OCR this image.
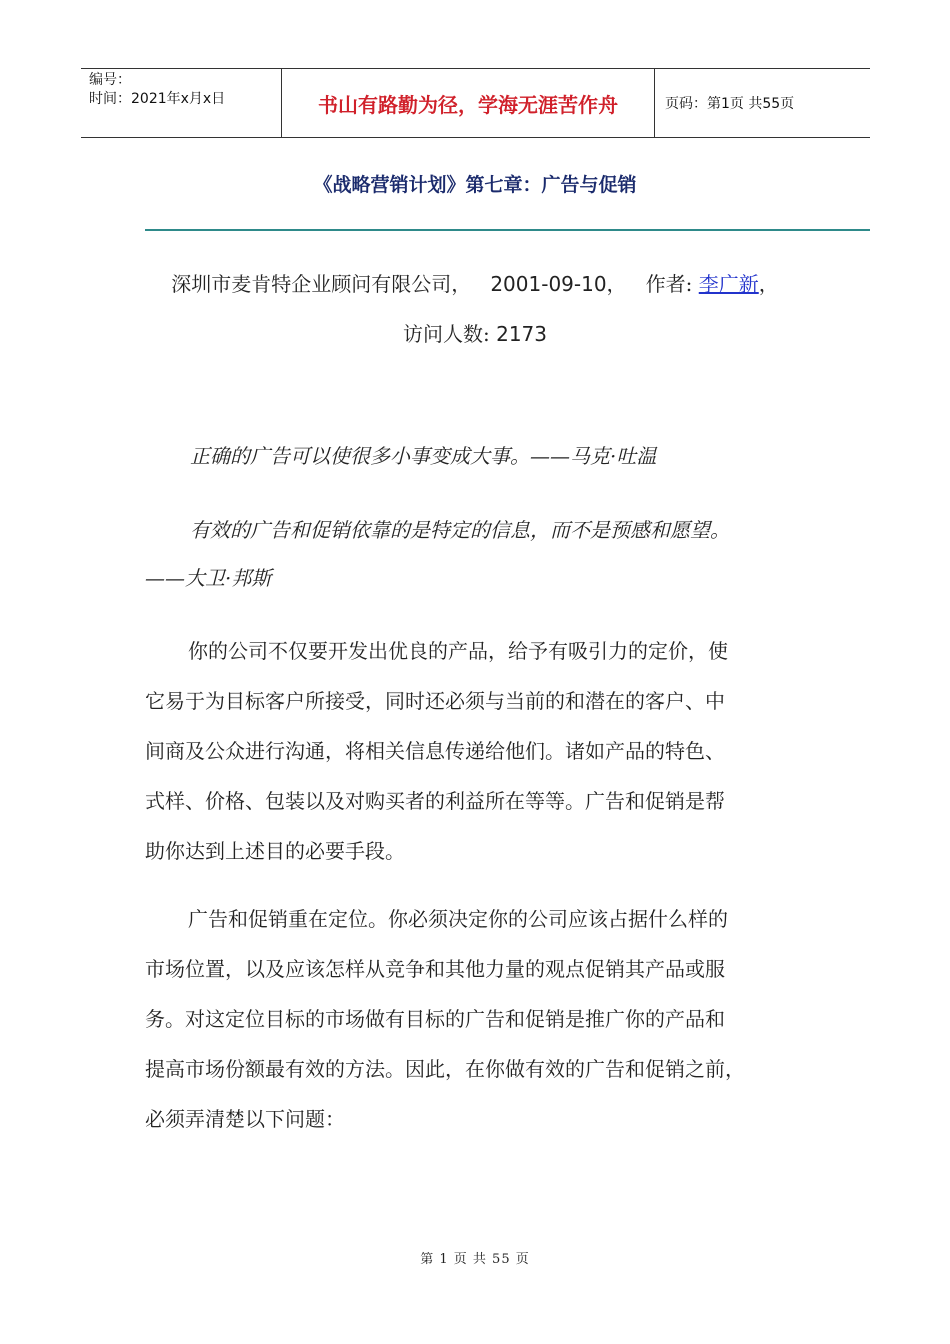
编号：
时间：2021年x月x日	书山有路勤为径，学海无涯苦作舟	页码：第1页 共55页
《战略营销计划》第七章：广告与促销
深圳市麦肯特企业顾问有限公司， 2001-09-10， 作者: 李广新，
访问人数: 2173
正确的广告可以使很多小事变成大事。——马克·吐温
有效的广告和促销依靠的是特定的信息，而不是预感和愿望。
——大卫·邦斯
你的公司不仅要开发出优良的产品，给予有吸引力的定价，使
它易于为目标客户所接受，同时还必须与当前的和潜在的客户、中
间商及公众进行沟通，将相关信息传递给他们。诸如产品的特色、
式样、价格、包装以及对购买者的利益所在等等。广告和促销是帮
助你达到上述目的必要手段。
广告和促销重在定位。你必须决定你的公司应该占据什么样的
市场位置，以及应该怎样从竞争和其他力量的观点促销其产品或服
务。对这定位目标的市场做有目标的广告和促销是推广你的产品和
提高市场份额最有效的方法。因此，在你做有效的广告和促销之前，
必须弄清楚以下问题：
第 1 页 共 55 页
